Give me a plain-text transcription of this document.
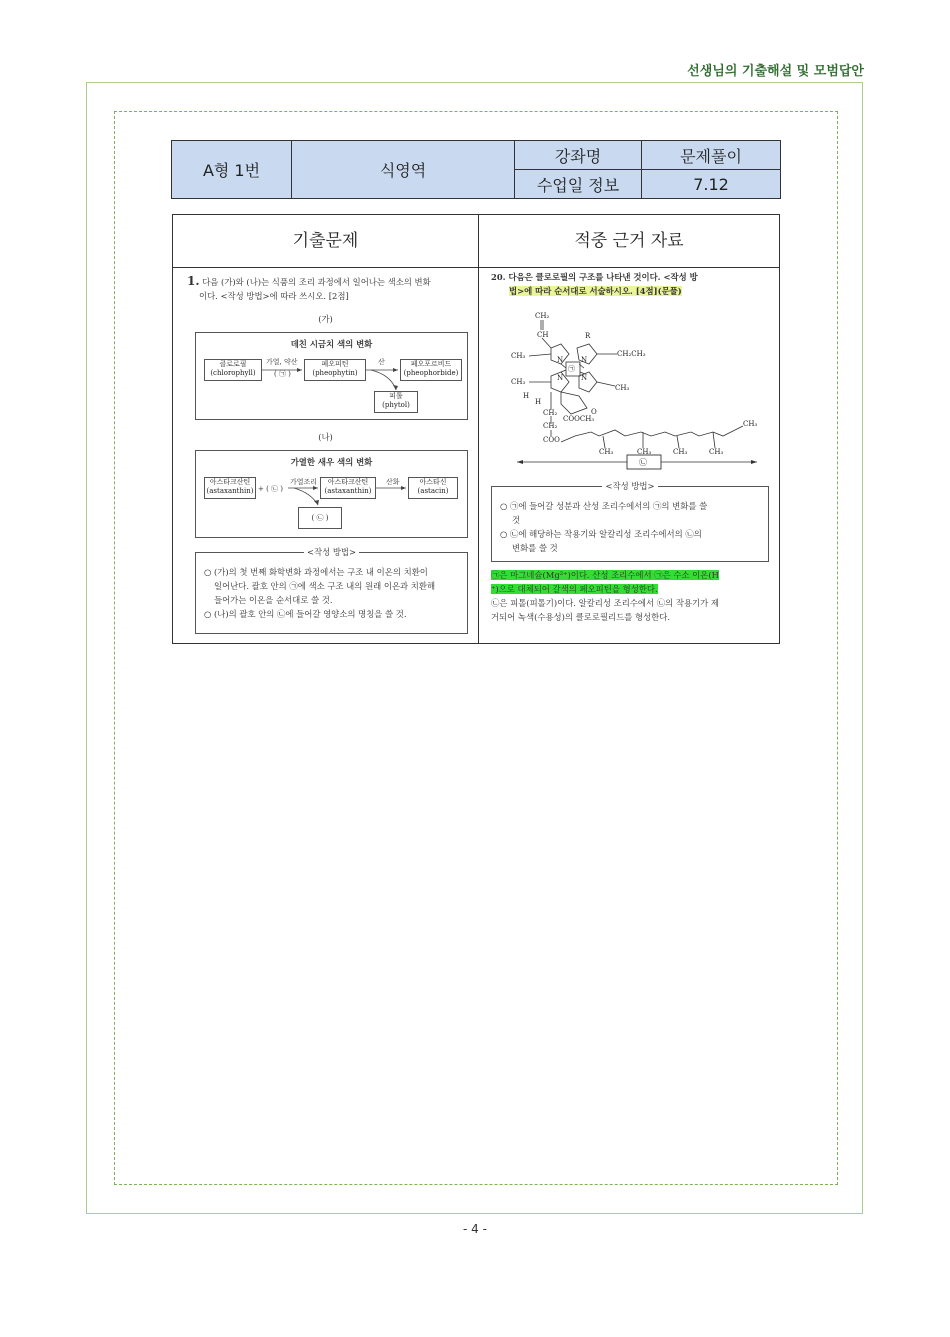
선생님의 기출해설 및 모범답안
A형 1번	식영역	강좌명	문제풀이
		수업일 정보	7.12
기출문제	적중 근거 자료
1. 다음 (가)와 (나)는 식품의 조리 과정에서 일어나는 색소의 변화
이다. <작성 방법>에 따라 쓰시오. [2점]
(가)
데친 시금치 색의 변화
클로로필
(chlorophyll)
가열, 약산
( ㉠ )
페오피틴
(pheophytin)
산	페오포르비드
(pheophorbide)
피톨
(phytol)
(나)
가열한 새우 색의 변화
아스타크산틴
(astaxanthin) + ( ㉡ )
가열조리	아스타크산틴
(astaxanthin)
산화	아스타신
(astacin)
( ㉡ )
<작성 방법>
○ (가)의 첫 번째 화학변화 과정에서는 구조 내 이온의 치환이
일어난다. 괄호 안의 ㉠에 색소 구조 내의 원래 이온과 치환해
들어가는 이온을 순서대로 쓸 것.
○ (나)의 괄호 안의 ㉡에 들어갈 영양소의 명칭을 쓸 것.
20. 다음은 클로로필의 구조를 나타낸 것이다. <작성 방
법>에 따라 순서대로 서술하시오. [4점](문풀)
CH₂
CH	R
CH₃	CH₂CH₃
N	N
N	N
㉠
CH₃
CH₃
H
H
O
CH₂
COOCH₃
CH₂
COO
CH₃	CH₃	CH₃	CH₃
CH₃
㉡
<작성 방법>
○ ㉠에 들어갈 성분과 산성 조리수에서의 ㉠의 변화를 쓸
것
○ ㉡에 해당하는 작용기와 알칼리성 조리수에서의 ㉡의
변화를 쓸 것
㉠은 마그네슘(Mg²⁺)이다. 산성 조리수에서 ㉠은 수소 이온(H
⁺)으로 대체되어 갈색의 페오피틴을 형성한다.
㉡은 피톨(피톨기)이다. 알칼리성 조리수에서 ㉡의 작용기가 제
거되어 녹색(수용성)의 클로로필리드를 형성한다.
- 4 -
